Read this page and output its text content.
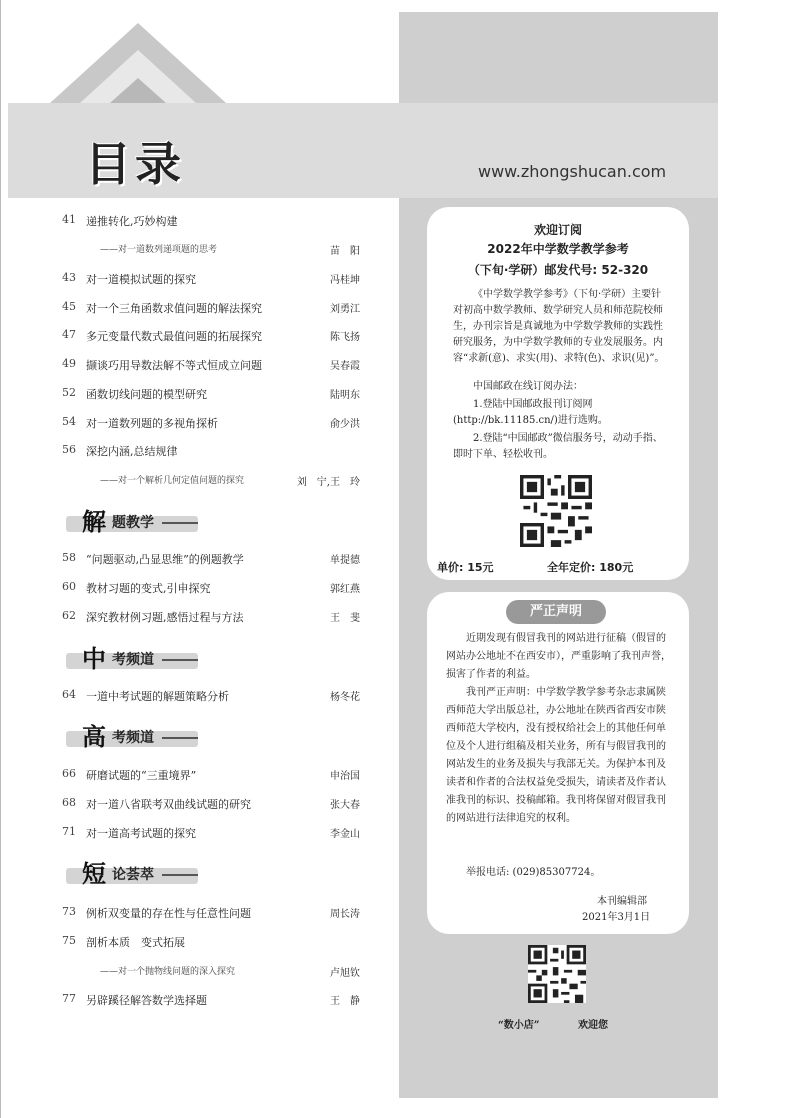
目录	www.zhongshucan.com
41 递推转化,巧妙构建
——对一道数列递项题的思考	苗　阳
43 对一道模拟试题的探究	冯桂坤
45 对一个三角函数求值问题的解法探究	刘勇江
47 多元变量代数式最值问题的拓展探究	陈飞扬
49 撷谈巧用导数法解不等式恒成立问题	吴春霞
52 函数切线问题的模型研究	陆明东
54 对一道数列题的多视角探析	俞少洪
56 深挖内涵,总结规律
——对一个解析几何定值问题的探究	刘　宁,王　玲
解 题教学
58 “问题驱动,凸显思维”的例题教学	单提德
60 教材习题的变式,引申探究	郭红燕
62 深究教材例习题,感悟过程与方法	王　斐
中 考频道
64 一道中考试题的解题策略分析	杨冬花
高 考频道
66 研磨试题的“三重境界”	申治国
68 对一道八省联考双曲线试题的研究	张大春
71 对一道高考试题的探究	李金山
短 论荟萃
73 例析双变量的存在性与任意性问题	周长涛
75 剖析本质　变式拓展
——对一个抛物线问题的深入探究	卢旭钦
77 另辟蹊径解答数学选择题	王　静
欢迎订阅
2022年中学数学教学参考
（下旬·学研）邮发代号: 52-320
《中学数学教学参考》（下旬·学研）主要针对初高中数学教师、数学研究人员和师范院校师生，办刊宗旨是真诚地为中学数学教师的实践性研究服务，为中学数学教师的专业发展服务。内容“求新(意)、求实(用)、求特(色)、求识(见)”。
中国邮政在线订阅办法：
1.登陆中国邮政报刊订阅网(http://bk.11185.cn/)进行选购。
2.登陆“中国邮政”微信服务号，动动手指、即时下单、轻松收刊。
单价: 15元	全年定价: 180元
严正声明
近期发现有假冒我刊的网站进行征稿（假冒的网站办公地址不在西安市），严重影响了我刊声誉，损害了作者的利益。
我刊严正声明：中学数学教学参考杂志隶属陕西师范大学出版总社，办公地址在陕西省西安市陕西师范大学校内，没有授权给社会上的其他任何单位及个人进行组稿及相关业务，所有与假冒我刊的网站发生的业务及损失与我部无关。为保护本刊及读者和作者的合法权益免受损失，请读者及作者认准我刊的标识、投稿邮箱。我刊将保留对假冒我刊的网站进行法律追究的权利。
举报电话: (029)85307724。
本刊编辑部
2021年3月1日
“数小店”	欢迎您
